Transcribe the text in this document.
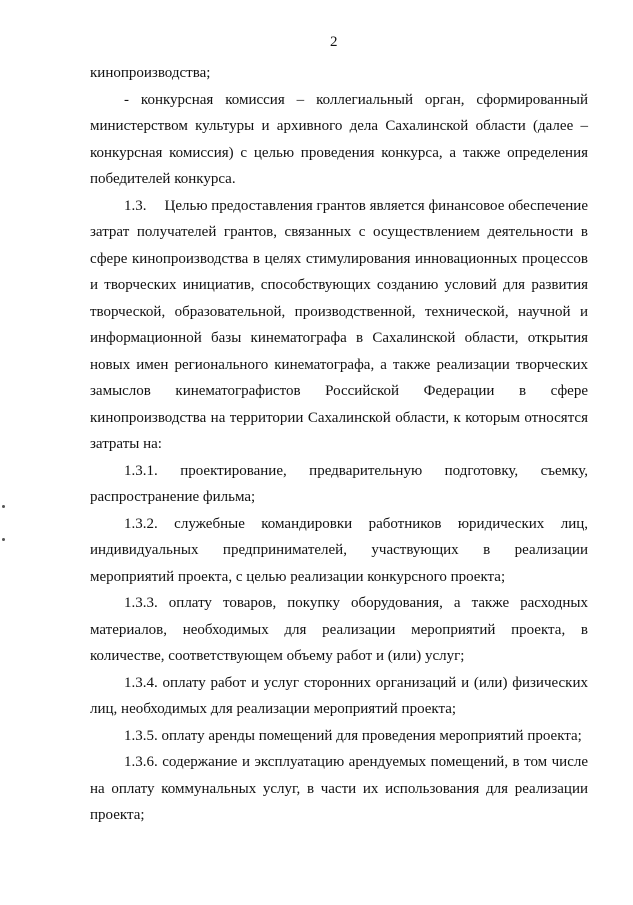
2

кинопроизводства;

- конкурсная комиссия – коллегиальный орган, сформированный министерством культуры и архивного дела Сахалинской области (далее – конкурсная комиссия) с целью проведения конкурса, а также определения победителей конкурса.

1.3. Целью предоставления грантов является финансовое обеспечение затрат получателей грантов, связанных с осуществлением деятельности в сфере кинопроизводства в целях стимулирования инновационных процессов и творческих инициатив, способствующих созданию условий для развития творческой, образовательной, производственной, технической, научной и информационной базы кинематографа в Сахалинской области, открытия новых имен регионального кинематографа, а также реализации творческих замыслов кинематографистов Российской Федерации в сфере кинопроизводства на территории Сахалинской области, к которым относятся затраты на:

1.3.1. проектирование, предварительную подготовку, съемку, распространение фильма;

1.3.2. служебные командировки работников юридических лиц, индивидуальных предпринимателей, участвующих в реализации мероприятий проекта, с целью реализации конкурсного проекта;

1.3.3. оплату товаров, покупку оборудования, а также расходных материалов, необходимых для реализации мероприятий проекта, в количестве, соответствующем объему работ и (или) услуг;

1.3.4. оплату работ и услуг сторонних организаций и (или) физических лиц, необходимых для реализации мероприятий проекта;

1.3.5. оплату аренды помещений для проведения мероприятий проекта;

1.3.6. содержание и эксплуатацию арендуемых помещений, в том числе на оплату коммунальных услуг, в части их использования для реализации проекта;
